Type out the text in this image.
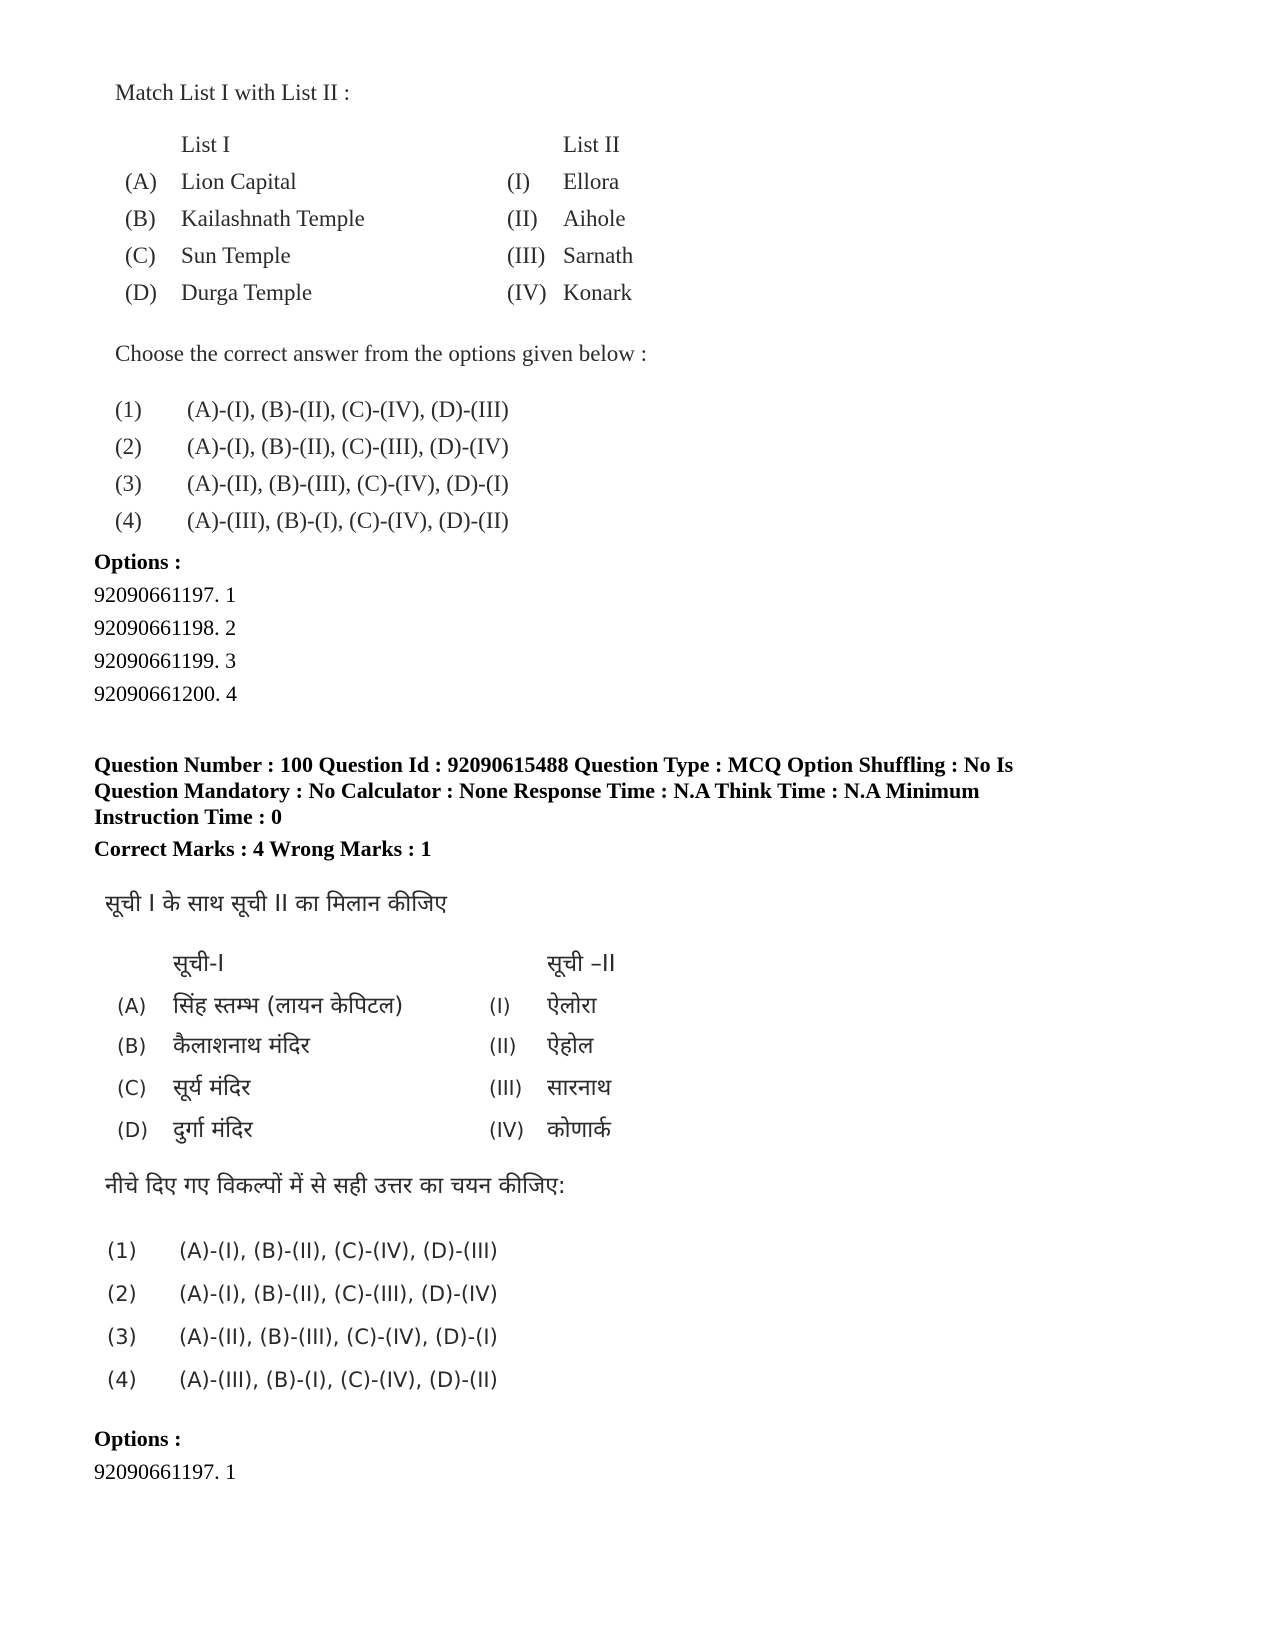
Match List I with List II :
List I	List II
(A) Lion Capital	(I) Ellora
(B) Kailashnath Temple	(II) Aihole
(C) Sun Temple	(III) Sarnath
(D) Durga Temple	(IV) Konark
Choose the correct answer from the options given below :
(1) (A)-(I), (B)-(II), (C)-(IV), (D)-(III)
(2) (A)-(I), (B)-(II), (C)-(III), (D)-(IV)
(3) (A)-(II), (B)-(III), (C)-(IV), (D)-(I)
(4) (A)-(III), (B)-(I), (C)-(IV), (D)-(II)
Options :
92090661197. 1
92090661198. 2
92090661199. 3
92090661200. 4
Question Number : 100 Question Id : 92090615488 Question Type : MCQ Option Shuffling : No Is
Question Mandatory : No Calculator : None Response Time : N.A Think Time : N.A Minimum
Instruction Time : 0
Correct Marks : 4 Wrong Marks : 1
सूची I के साथ सूची II का मिलान कीजिए
सूची-I	सूची –II
(A) सिंह स्तम्भ (लायन केपिटल)	(I) ऐलोरा
(B) कैलाशनाथ मंदिर	(II) ऐहोल
(C) सूर्य मंदिर	(III) सारनाथ
(D) दुर्गा मंदिर	(IV) कोणार्क
नीचे दिए गए विकल्पों में से सही उत्तर का चयन कीजिए:
(1) (A)-(I), (B)-(II), (C)-(IV), (D)-(III)
(2) (A)-(I), (B)-(II), (C)-(III), (D)-(IV)
(3) (A)-(II), (B)-(III), (C)-(IV), (D)-(I)
(4) (A)-(III), (B)-(I), (C)-(IV), (D)-(II)
Options :
92090661197. 1
